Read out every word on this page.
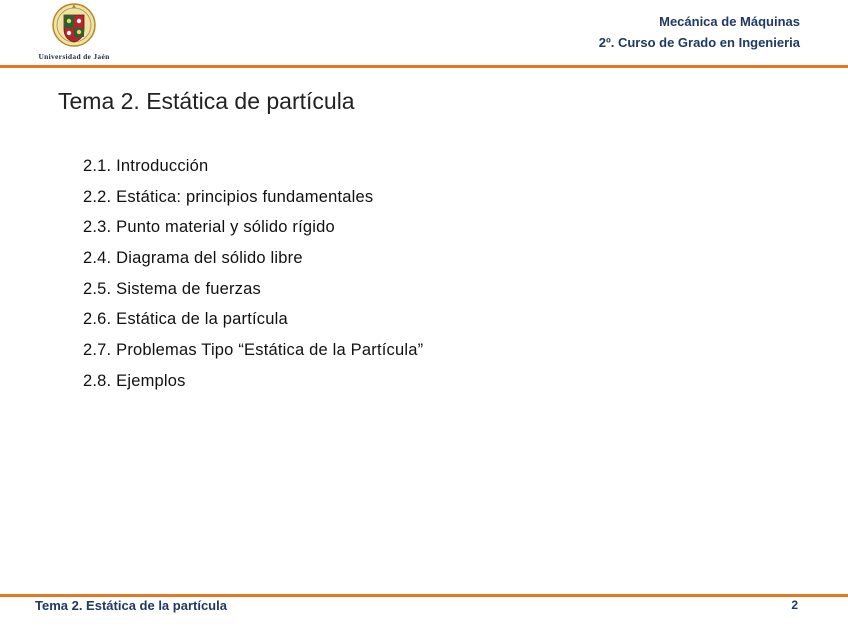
Universidad de Jaén
Mecánica de Máquinas
2º. Curso de Grado en Ingenieria
Tema 2. Estática de partícula
2.1. Introducción
2.2. Estática: principios fundamentales
2.3. Punto material y sólido rígido
2.4. Diagrama del sólido libre
2.5. Sistema de fuerzas
2.6. Estática de la partícula
2.7. Problemas Tipo “Estática de la Partícula”
2.8. Ejemplos
Tema 2. Estática de la partícula	2
